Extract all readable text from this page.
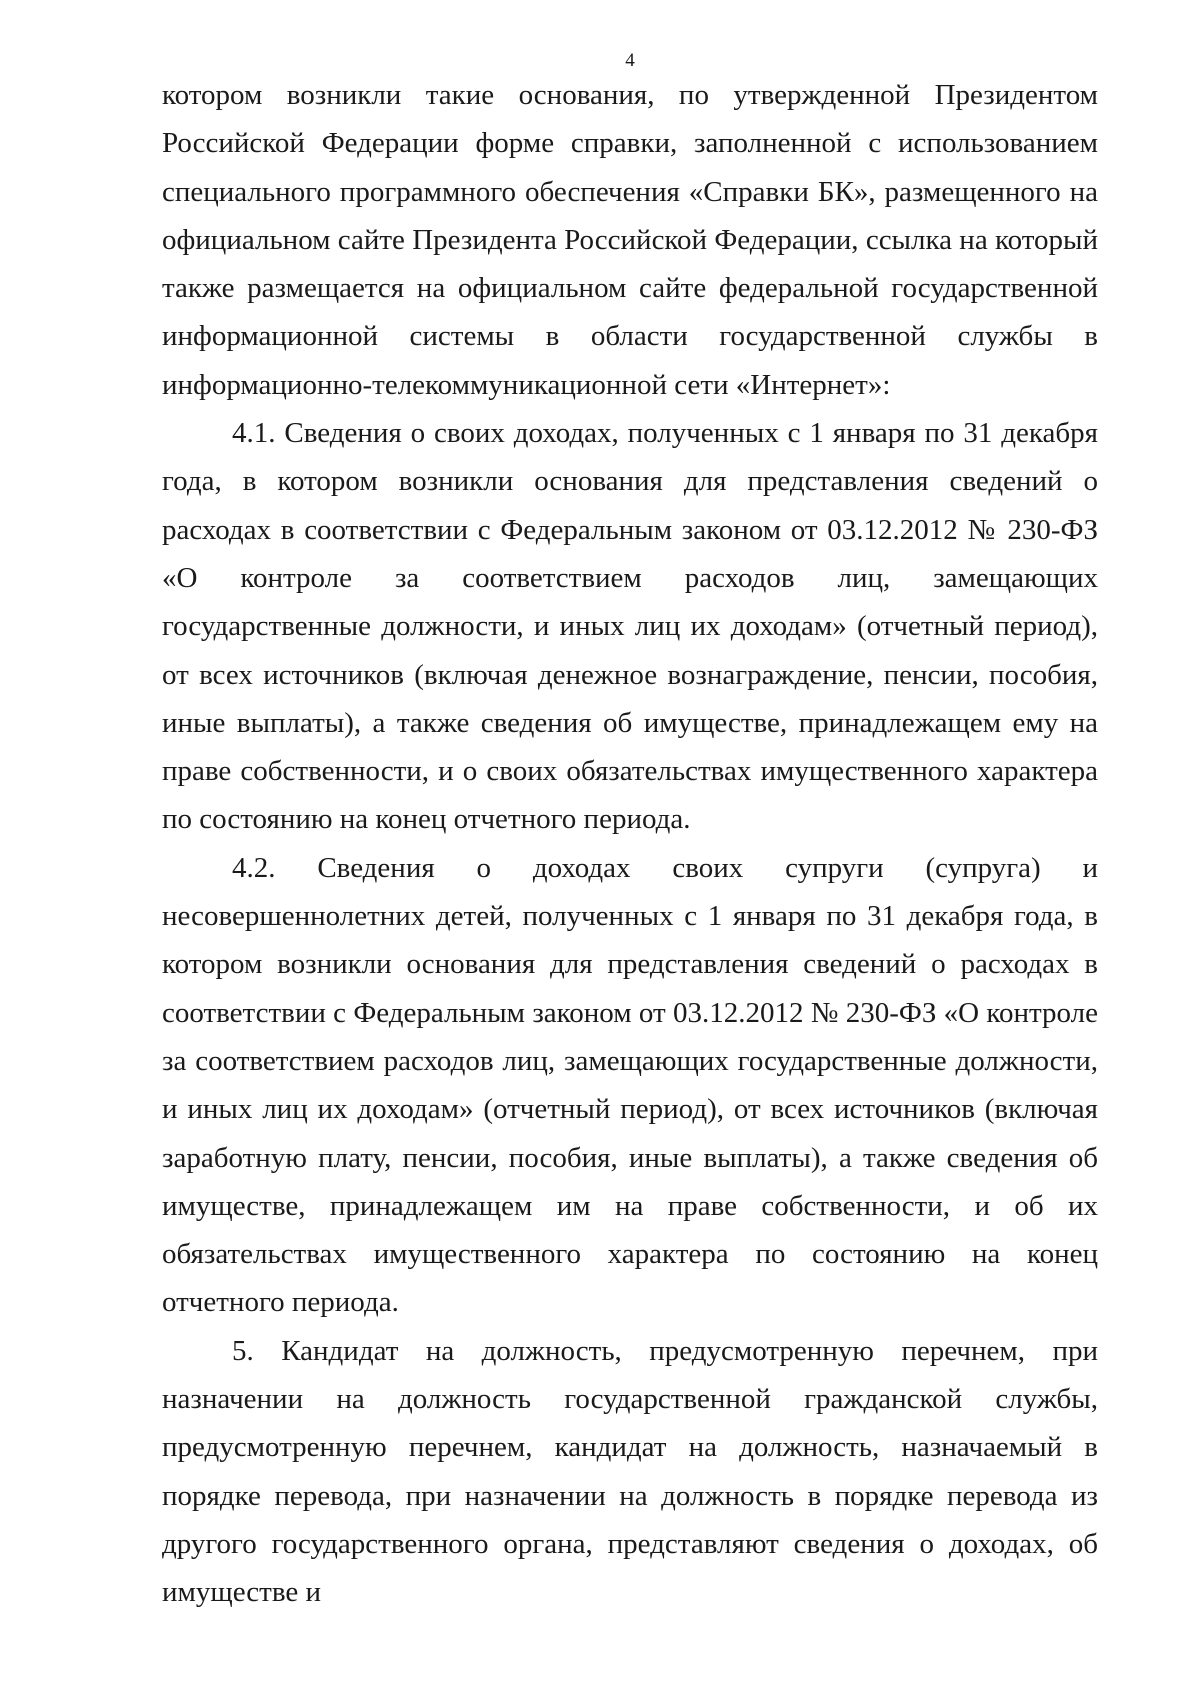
4

котором возникли такие основания, по утвержденной Президентом Российской Федерации форме справки, заполненной с использованием специального программного обеспечения «Справки БК», размещенного на официальном сайте Президента Российской Федерации, ссылка на который также размещается на официальном сайте федеральной государственной информационной системы в области государственной службы в информационно-телекоммуникационной сети «Интернет»:

4.1. Сведения о своих доходах, полученных с 1 января по 31 декабря года, в котором возникли основания для представления сведений о расходах в соответствии с Федеральным законом от 03.12.2012 № 230-ФЗ «О контроле за соответствием расходов лиц, замещающих государственные должности, и иных лиц их доходам» (отчетный период), от всех источников (включая денежное вознаграждение, пенсии, пособия, иные выплаты), а также сведения об имуществе, принадлежащем ему на праве собственности, и о своих обязательствах имущественного характера по состоянию на конец отчетного периода.

4.2. Сведения о доходах своих супруги (супруга) и несовершеннолетних детей, полученных с 1 января по 31 декабря года, в котором возникли основания для представления сведений о расходах в соответствии с Федеральным законом от 03.12.2012 № 230-ФЗ «О контроле за соответствием расходов лиц, замещающих государственные должности, и иных лиц их доходам» (отчетный период), от всех источников (включая заработную плату, пенсии, пособия, иные выплаты), а также сведения об имуществе, принадлежащем им на праве собственности, и об их обязательствах имущественного характера по состоянию на конец отчетного периода.

5. Кандидат на должность, предусмотренную перечнем, при назначении на должность государственной гражданской службы, предусмотренную перечнем, кандидат на должность, назначаемый в порядке перевода, при назначении на должность в порядке перевода из другого государственного органа, представляют сведения о доходах, об имуществе и
